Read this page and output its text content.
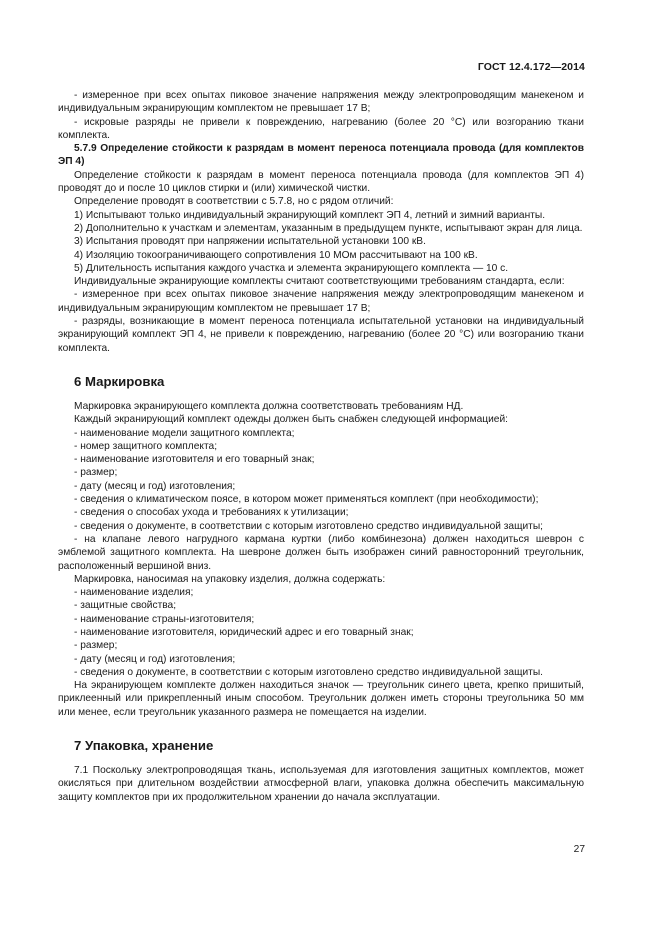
ГОСТ 12.4.172—2014

- измеренное при всех опытах пиковое значение напряжения между электропроводящим манекеном и индивидуальным экранирующим комплектом не превышает 17 В;

- искровые разряды не привели к повреждению, нагреванию (более 20 °С) или возгоранию ткани комплекта.

5.7.9 Определение стойкости к разрядам в момент переноса потенциала провода (для комплектов ЭП 4)

Определение стойкости к разрядам в момент переноса потенциала провода (для комплектов ЭП 4) проводят до и после 10 циклов стирки и (или) химической чистки.

Определение проводят в соответствии с 5.7.8, но с рядом отличий:

1) Испытывают только индивидуальный экранирующий комплект ЭП 4, летний и зимний варианты.

2) Дополнительно к участкам и элементам, указанным в предыдущем пункте, испытывают экран для лица.

3) Испытания проводят при напряжении испытательной установки 100 кВ.

4) Изоляцию токоограничивающего сопротивления 10 МОм рассчитывают на 100 кВ.

5) Длительность испытания каждого участка и элемента экранирующего комплекта — 10 с.

Индивидуальные экранирующие комплекты считают соответствующими требованиям стандарта, если:

- измеренное при всех опытах пиковое значение напряжения между электропроводящим манекеном и индивидуальным экранирующим комплектом не превышает 17 В;

- разряды, возникающие в момент переноса потенциала испытательной установки на индивидуальный экранирующий комплект ЭП 4, не привели к повреждению, нагреванию (более 20 °С) или возгоранию ткани комплекта.

6 Маркировка

Маркировка экранирующего комплекта должна соответствовать требованиям НД.

Каждый экранирующий комплект одежды должен быть снабжен следующей информацией:

- наименование модели защитного комплекта;

- номер защитного комплекта;

- наименование изготовителя и его товарный знак;

- размер;

- дату (месяц и год) изготовления;

- сведения о климатическом поясе, в котором может применяться комплект (при необходимости);

- сведения о способах ухода и требованиях к утилизации;

- сведения о документе, в соответствии с которым изготовлено средство индивидуальной защиты;

- на клапане левого нагрудного кармана куртки (либо комбинезона) должен находиться шеврон с эмблемой защитного комплекта. На шевроне должен быть изображен синий равносторонний треугольник, расположенный вершиной вниз.

Маркировка, наносимая на упаковку изделия, должна содержать:

- наименование изделия;

- защитные свойства;

- наименование страны-изготовителя;

- наименование изготовителя, юридический адрес и его товарный знак;

- размер;

- дату (месяц и год) изготовления;

- сведения о документе, в соответствии с которым изготовлено средство индивидуальной защиты.

На экранирующем комплекте должен находиться значок — треугольник синего цвета, крепко пришитый, приклеенный или прикрепленный иным способом. Треугольник должен иметь стороны треугольника 50 мм или менее, если треугольник указанного размера не помещается на изделии.

7 Упаковка, хранение

7.1 Поскольку электропроводящая ткань, используемая для изготовления защитных комплектов, может окисляться при длительном воздействии атмосферной влаги, упаковка должна обеспечить максимальную защиту комплектов при их продолжительном хранении до начала эксплуатации.

27
